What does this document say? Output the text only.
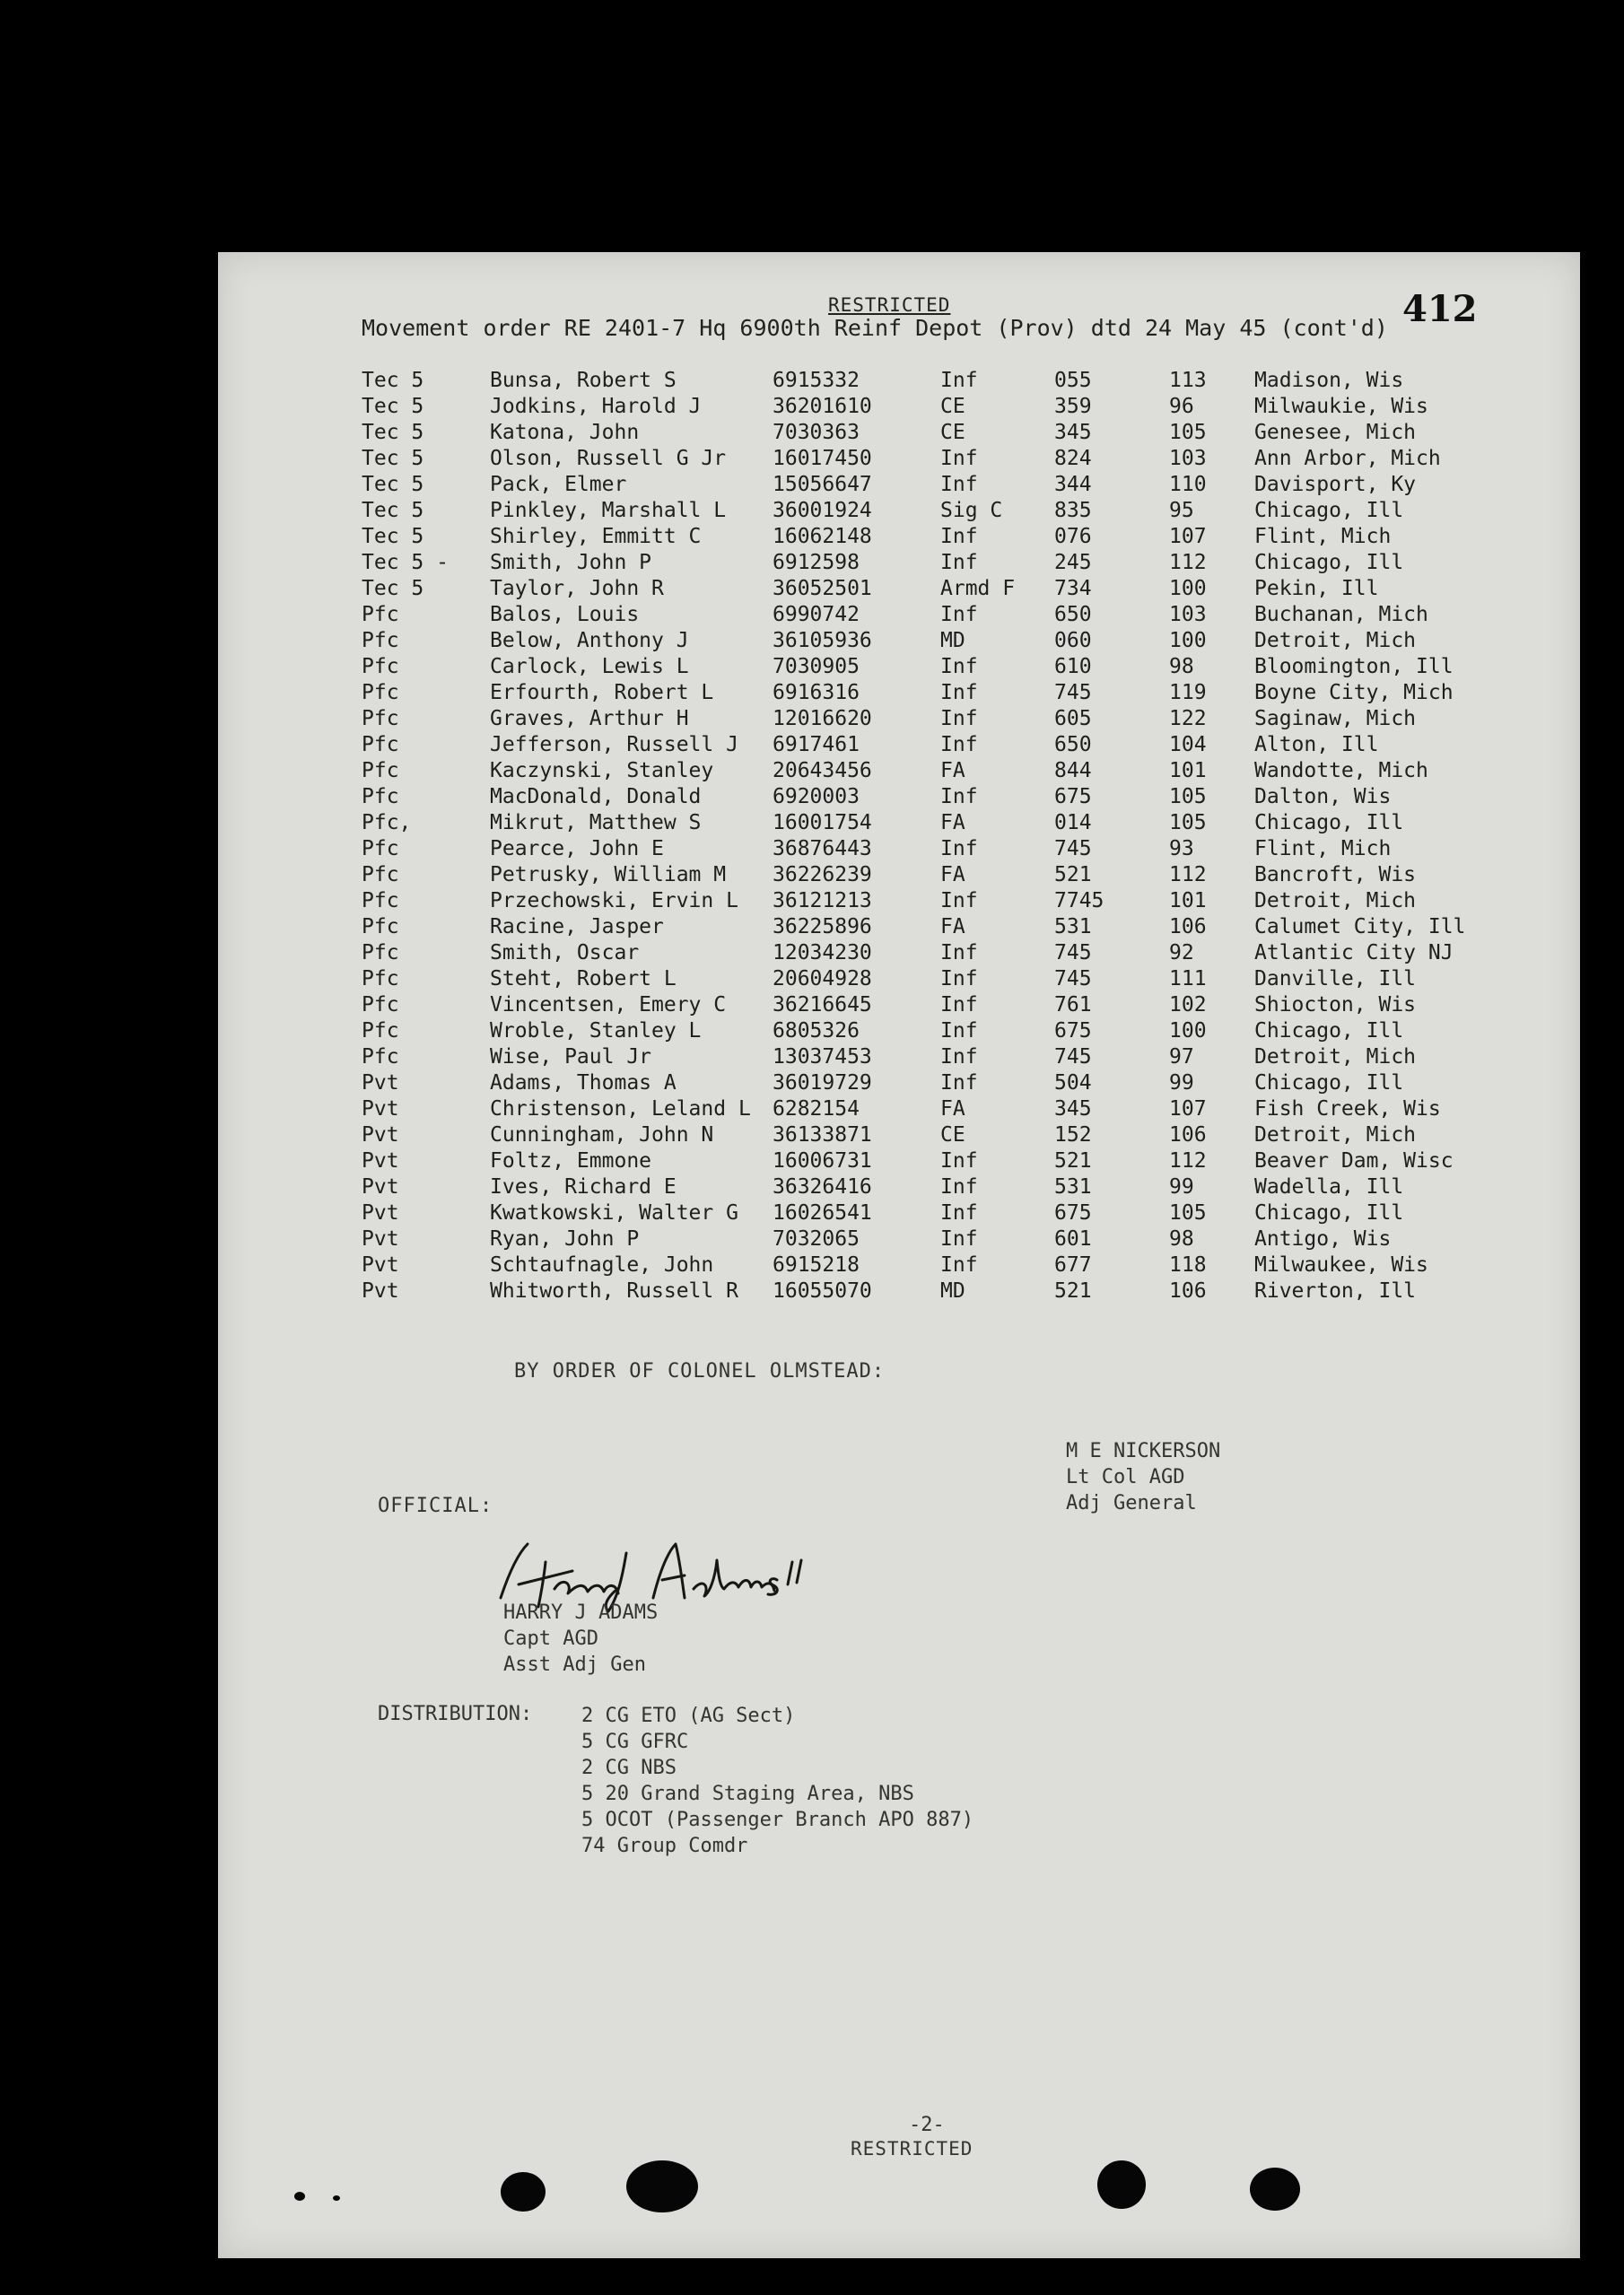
RESTRICTED
Movement order RE 2401-7 Hq 6900th Reinf Depot (Prov) dtd 24 May 45 (cont'd) 412
Tec 5	Bunsa, Robert S	6915332	Inf	055	113 Madison, Wis
Tec 5	Jodkins, Harold J	36201610	CE	359	96	Milwaukie, Wis
Tec 5	Katona, John	7030363	CE	345	105 Genesee, Mich
Tec 5	Olson, Russell G Jr 16017450	Inf	824	103 Ann Arbor, Mich
Tec 5	Pack, Elmer	15056647	Inf	344	110 Davisport, Ky
Tec 5	Pinkley, Marshall L 36001924	Sig C	835	95	Chicago, Ill
Tec 5	Shirley, Emmitt C	16062148	Inf	076	107 Flint, Mich
Tec 5 - Smith, John P	6912598	Inf	245	112 Chicago, Ill
Tec 5	Taylor, John R	36052501	Armd F 734	100 Pekin, Ill
Pfc	Balos, Louis	6990742	Inf	650	103 Buchanan, Mich
Pfc	Below, Anthony J	36105936	MD	060	100 Detroit, Mich
Pfc	Carlock, Lewis L	7030905	Inf	610	98	Bloomington, Ill
Pfc	Erfourth, Robert L	6916316	Inf	745	119 Boyne City, Mich
Pfc	Graves, Arthur H	12016620	Inf	605	122 Saginaw, Mich
Pfc	Jefferson, Russell J 6917461	Inf	650	104 Alton, Ill
Pfc	Kaczynski, Stanley	20643456	FA	844	101 Wandotte, Mich
Pfc	MacDonald, Donald	6920003	Inf	675	105 Dalton, Wis
Pfc,	Mikrut, Matthew S	16001754	FA	014	105 Chicago, Ill
Pfc	Pearce, John E	36876443	Inf	745	93	Flint, Mich
Pfc	Petrusky, William M 36226239	FA	521	112 Bancroft, Wis
Pfc	Przechowski, Ervin L 36121213	Inf	7745	101 Detroit, Mich
Pfc	Racine, Jasper	36225896	FA	531	106 Calumet City, Ill
Pfc	Smith, Oscar	12034230	Inf	745	92	Atlantic City NJ
Pfc	Steht, Robert L	20604928	Inf	745	111 Danville, Ill
Pfc	Vincentsen, Emery C 36216645	Inf	761	102 Shiocton, Wis
Pfc	Wroble, Stanley L	6805326	Inf	675	100 Chicago, Ill
Pfc	Wise, Paul Jr	13037453	Inf	745	97	Detroit, Mich
Pvt	Adams, Thomas A	36019729	Inf	504	99	Chicago, Ill
Pvt	Christenson, Leland L 6282154	FA	345	107 Fish Creek, Wis
Pvt	Cunningham, John N	36133871	CE	152	106 Detroit, Mich
Pvt	Foltz, Emmone	16006731	Inf	521	112 Beaver Dam, Wisc
Pvt	Ives, Richard E	36326416	Inf	531	99	Wadella, Ill
Pvt	Kwatkowski, Walter G 16026541	Inf	675	105 Chicago, Ill
Pvt	Ryan, John P	7032065	Inf	601	98	Antigo, Wis
Pvt	Schtaufnagle, John	6915218	Inf	677	118 Milwaukee, Wis
Pvt	Whitworth, Russell R 16055070	MD	521	106 Riverton, Ill
BY ORDER OF COLONEL OLMSTEAD:
M E NICKERSON
Lt Col AGD
Adj General
OFFICIAL:
HARRY J ADAMS
Capt AGD
Asst Adj Gen
DISTRIBUTION: 2 CG ETO (AG Sect)
5 CG GFRC
2 CG NBS
5 20 Grand Staging Area, NBS
5 OCOT (Passenger Branch APO 887)
74 Group Comdr
-2-
RESTRICTED
